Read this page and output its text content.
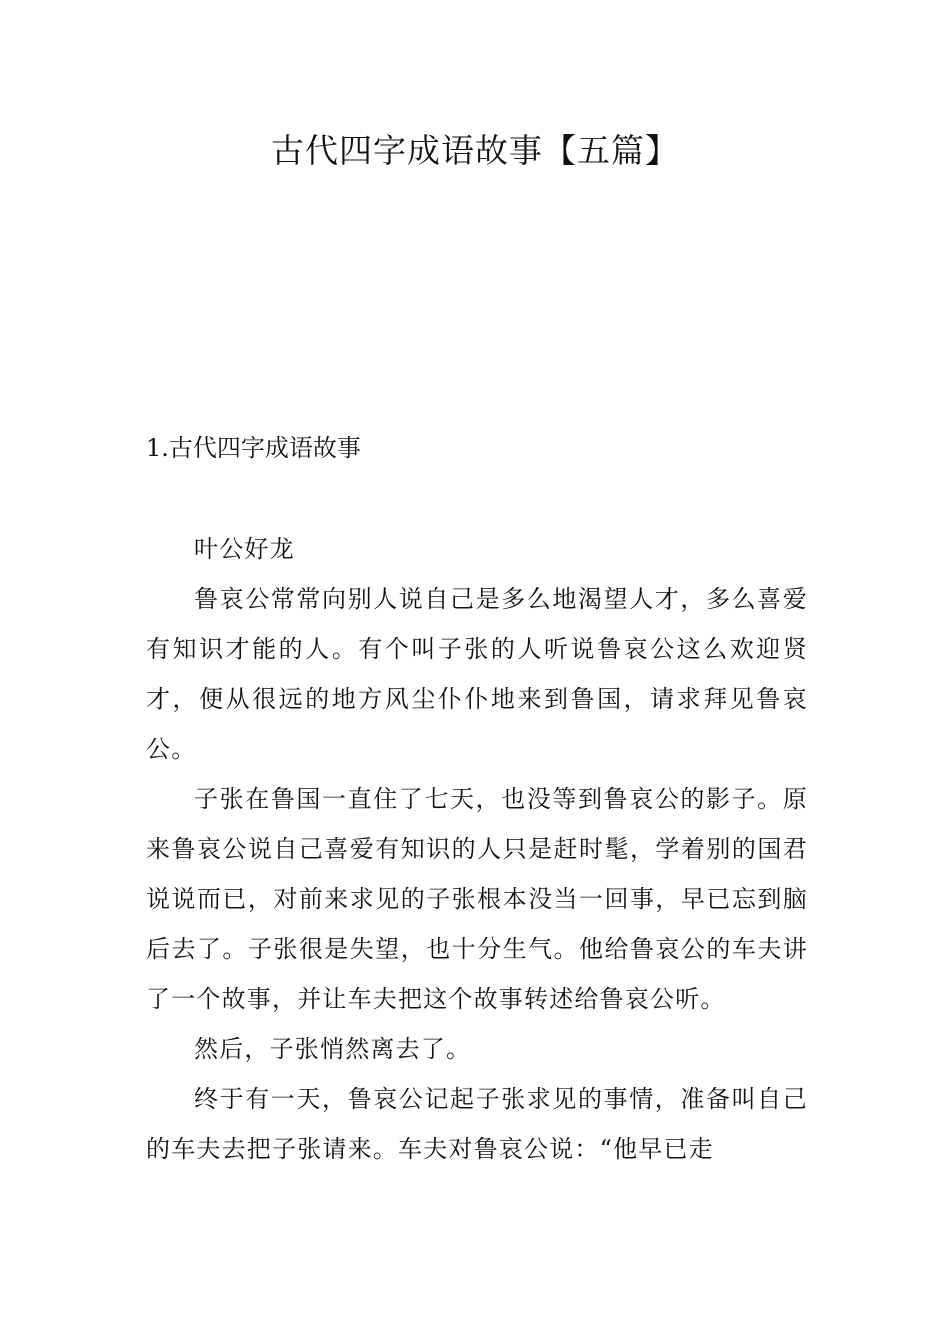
古代四字成语故事【五篇】
1.古代四字成语故事

叶公好龙

鲁哀公常常向别人说自己是多么地渴望人才，多么喜爱有知识才能的人。有个叫子张的人听说鲁哀公这么欢迎贤才，便从很远的地方风尘仆仆地来到鲁国，请求拜见鲁哀公。

子张在鲁国一直住了七天，也没等到鲁哀公的影子。原来鲁哀公说自己喜爱有知识的人只是赶时髦，学着别的国君说说而已，对前来求见的子张根本没当一回事，早已忘到脑后去了。子张很是失望，也十分生气。他给鲁哀公的车夫讲了一个故事，并让车夫把这个故事转述给鲁哀公听。

然后，子张悄然离去了。

终于有一天，鲁哀公记起子张求见的事情，准备叫自己的车夫去把子张请来。车夫对鲁哀公说：“他早已走
